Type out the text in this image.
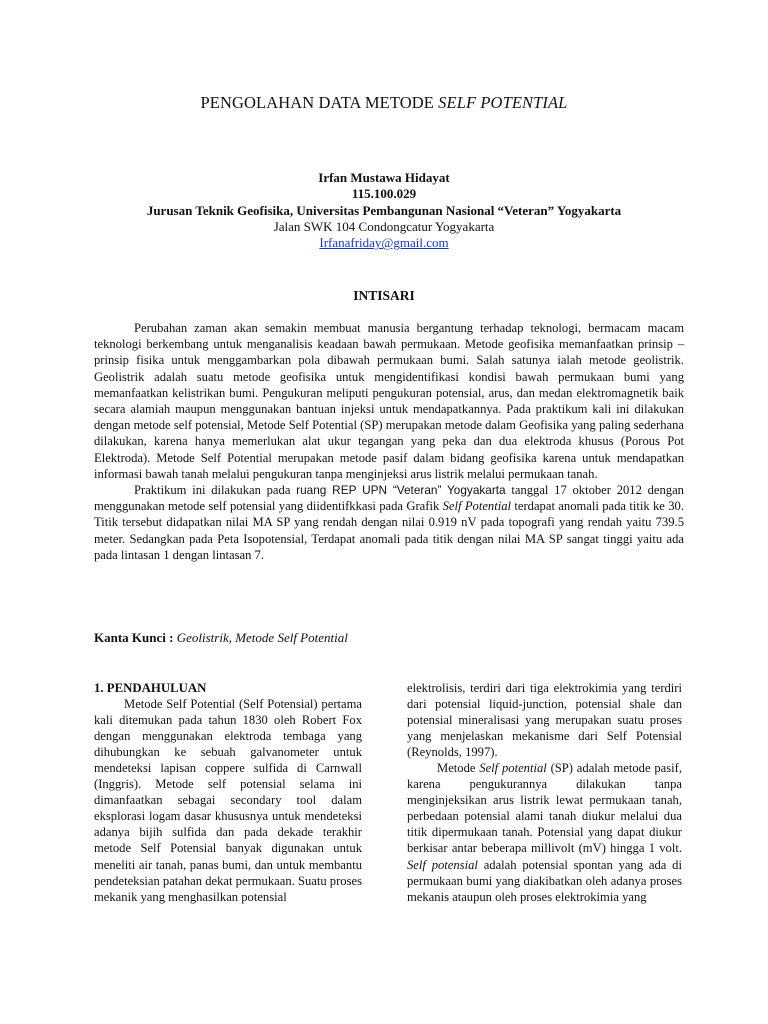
PENGOLAHAN DATA METODE SELF POTENTIAL
Irfan Mustawa Hidayat
115.100.029
Jurusan Teknik Geofisika, Universitas Pembangunan Nasional “Veteran” Yogyakarta
Jalan SWK 104 Condongcatur Yogyakarta
Irfanafriday@gmail.com
INTISARI

Perubahan zaman akan semakin membuat manusia bergantung terhadap teknologi, bermacam macam teknologi berkembang untuk menganalisis keadaan bawah permukaan. Metode geofisika memanfaatkan prinsip – prinsip fisika untuk menggambarkan pola dibawah permukaan bumi. Salah satunya ialah metode geolistrik. Geolistrik adalah suatu metode geofisika untuk mengidentifikasi kondisi bawah permukaan bumi yang memanfaatkan kelistrikan bumi. Pengukuran meliputi pengukuran potensial, arus, dan medan elektromagnetik baik secara alamiah maupun menggunakan bantuan injeksi untuk mendapatkannya. Pada praktikum kali ini dilakukan dengan metode self potensial, Metode Self Potential (SP) merupakan metode dalam Geofisika yang paling sederhana dilakukan, karena hanya memerlukan alat ukur tegangan yang peka dan dua elektroda khusus (Porous Pot Elektroda). Metode Self Potential merupakan metode pasif dalam bidang geofisika karena untuk mendapatkan informasi bawah tanah melalui pengukuran tanpa menginjeksi arus listrik melalui permukaan tanah.

Praktikum ini dilakukan pada ruang REP UPN “Veteran” Yogyakarta tanggal 17 oktober 2012 dengan menggunakan metode self potensial yang diidentifkkasi pada Grafik Self Potential terdapat anomali pada titik ke 30. Titik tersebut didapatkan nilai MA SP yang rendah dengan nilai 0.919 nV pada topografi yang rendah yaitu 739.5 meter. Sedangkan pada Peta Isopotensial, Terdapat anomali pada titik dengan nilai MA SP sangat tinggi yaitu ada pada lintasan 1 dengan lintasan 7.

Kanta Kunci : Geolistrik, Metode Self Potential
1. PENDAHULUAN

Metode Self Potential (Self Potensial) pertama kali ditemukan pada tahun 1830 oleh Robert Fox dengan menggunakan elektroda tembaga yang dihubungkan ke sebuah galvanometer untuk mendeteksi lapisan coppere sulfida di Carnwall (Inggris). Metode self potensial selama ini dimanfaatkan sebagai secondary tool dalam eksplorasi logam dasar khususnya untuk mendeteksi adanya bijih sulfida dan pada dekade terakhir metode Self Potensial banyak digunakan untuk meneliti air tanah, panas bumi, dan untuk membantu pendeteksian patahan dekat permukaan. Suatu proses mekanik yang menghasilkan potensial

elektrolisis, terdiri dari tiga elektrokimia yang terdiri dari potensial liquid-junction, potensial shale dan potensial mineralisasi yang merupakan suatu proses yang menjelaskan mekanisme dari Self Potensial (Reynolds, 1997).

Metode Self potential (SP) adalah metode pasif, karena pengukurannya dilakukan tanpa menginjeksikan arus listrik lewat permukaan tanah, perbedaan potensial alami tanah diukur melalui dua titik dipermukaan tanah. Potensial yang dapat diukur berkisar antar beberapa millivolt (mV) hingga 1 volt. Self potensial adalah potensial spontan yang ada di permukaan bumi yang diakibatkan oleh adanya proses mekanis ataupun oleh proses elektrokimia yang
